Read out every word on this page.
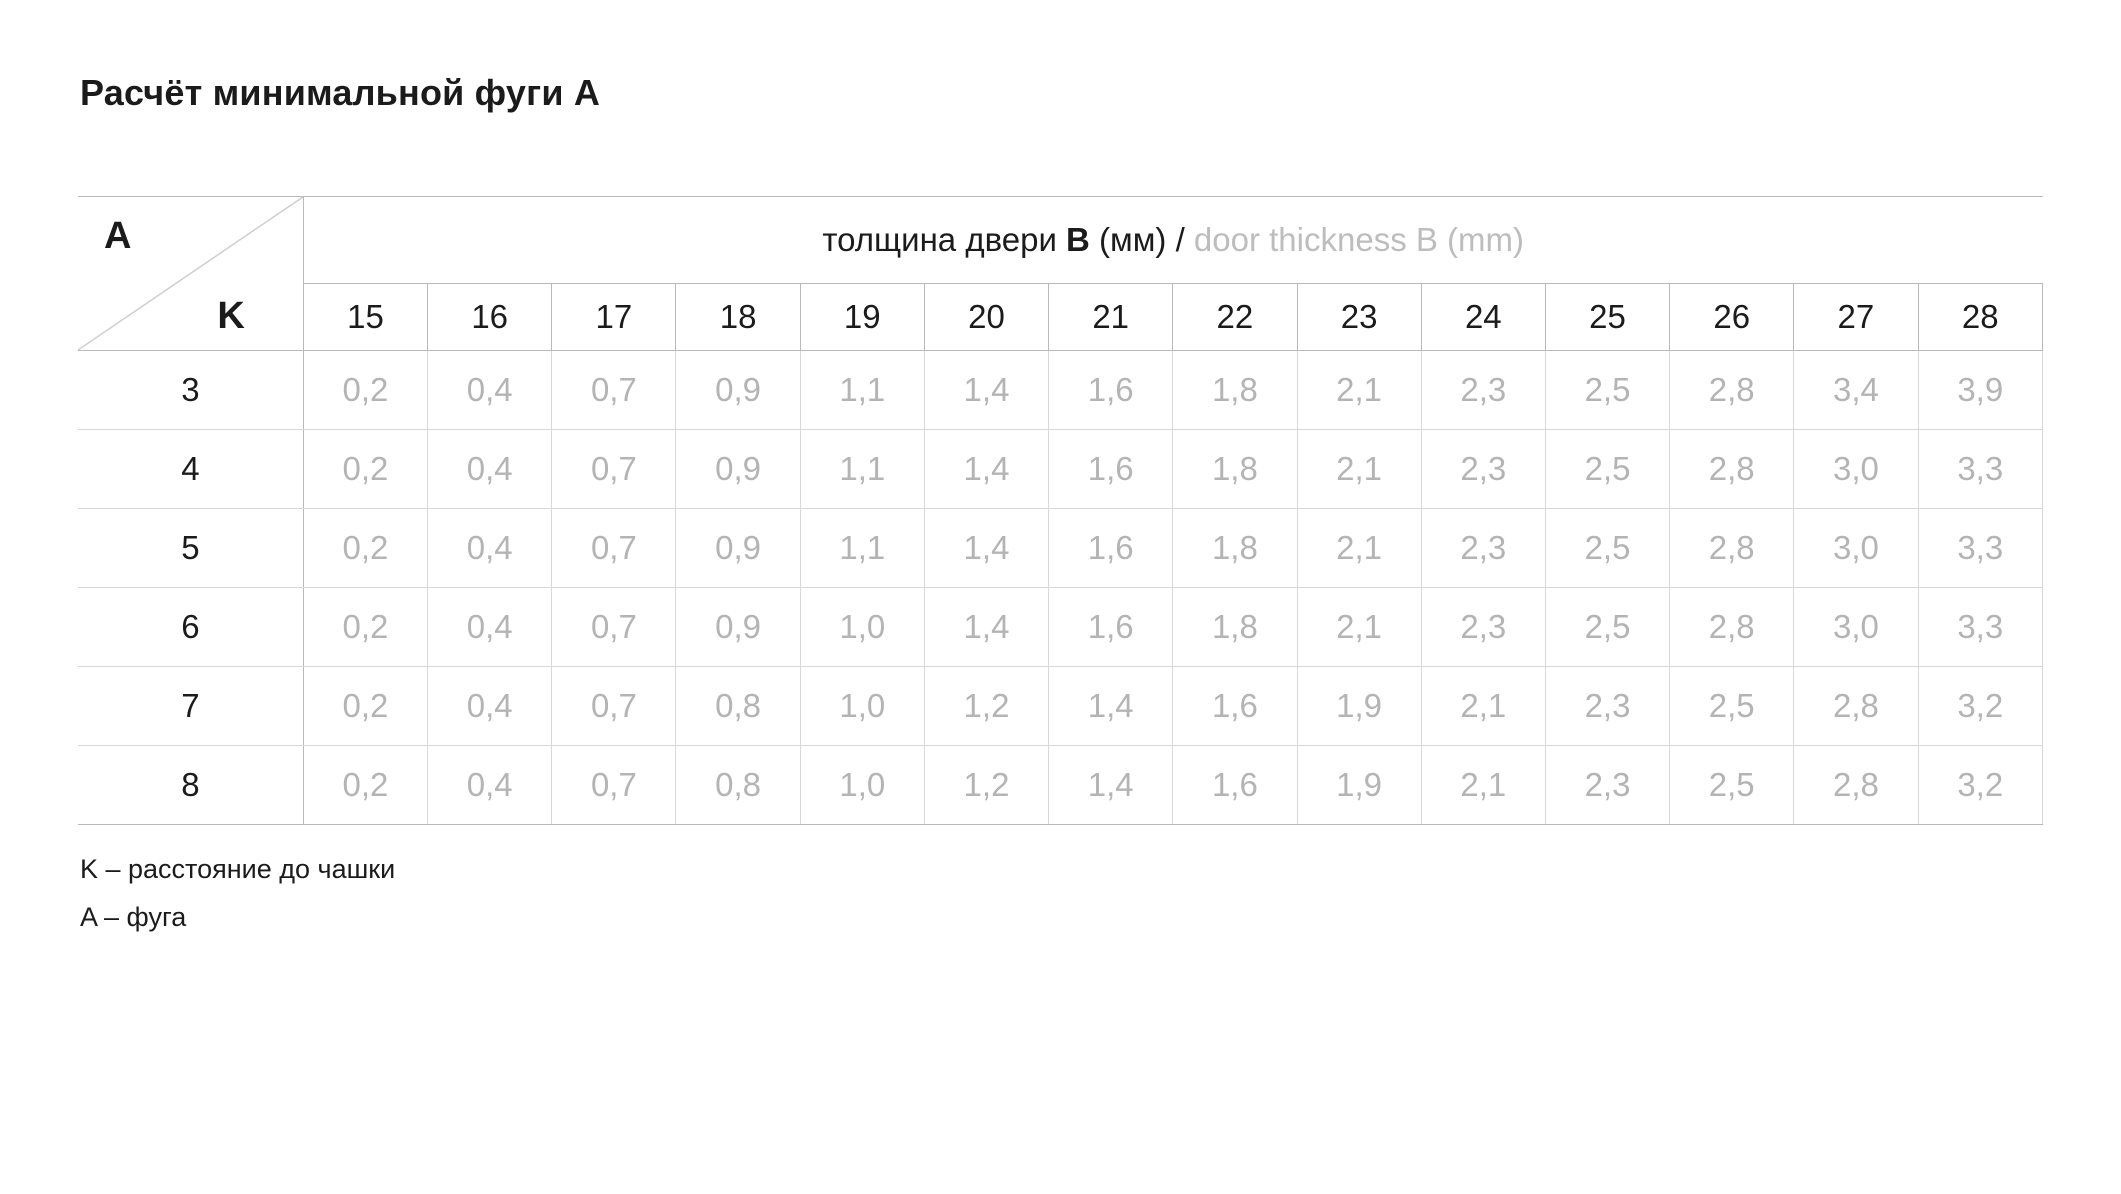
Расчёт минимальной фуги A
A
K	толщина двери B (мм) / door thickness B (mm)													
	15	16	17	18	19	20	21	22	23	24	25	26	27	28
3	0,2	0,4	0,7	0,9	1,1	1,4	1,6	1,8	2,1	2,3	2,5	2,8	3,4	3,9
4	0,2	0,4	0,7	0,9	1,1	1,4	1,6	1,8	2,1	2,3	2,5	2,8	3,0	3,3
5	0,2	0,4	0,7	0,9	1,1	1,4	1,6	1,8	2,1	2,3	2,5	2,8	3,0	3,3
6	0,2	0,4	0,7	0,9	1,0	1,4	1,6	1,8	2,1	2,3	2,5	2,8	3,0	3,3
7	0,2	0,4	0,7	0,8	1,0	1,2	1,4	1,6	1,9	2,1	2,3	2,5	2,8	3,2
8	0,2	0,4	0,7	0,8	1,0	1,2	1,4	1,6	1,9	2,1	2,3	2,5	2,8	3,2
K – расстояние до чашки
A – фуга
